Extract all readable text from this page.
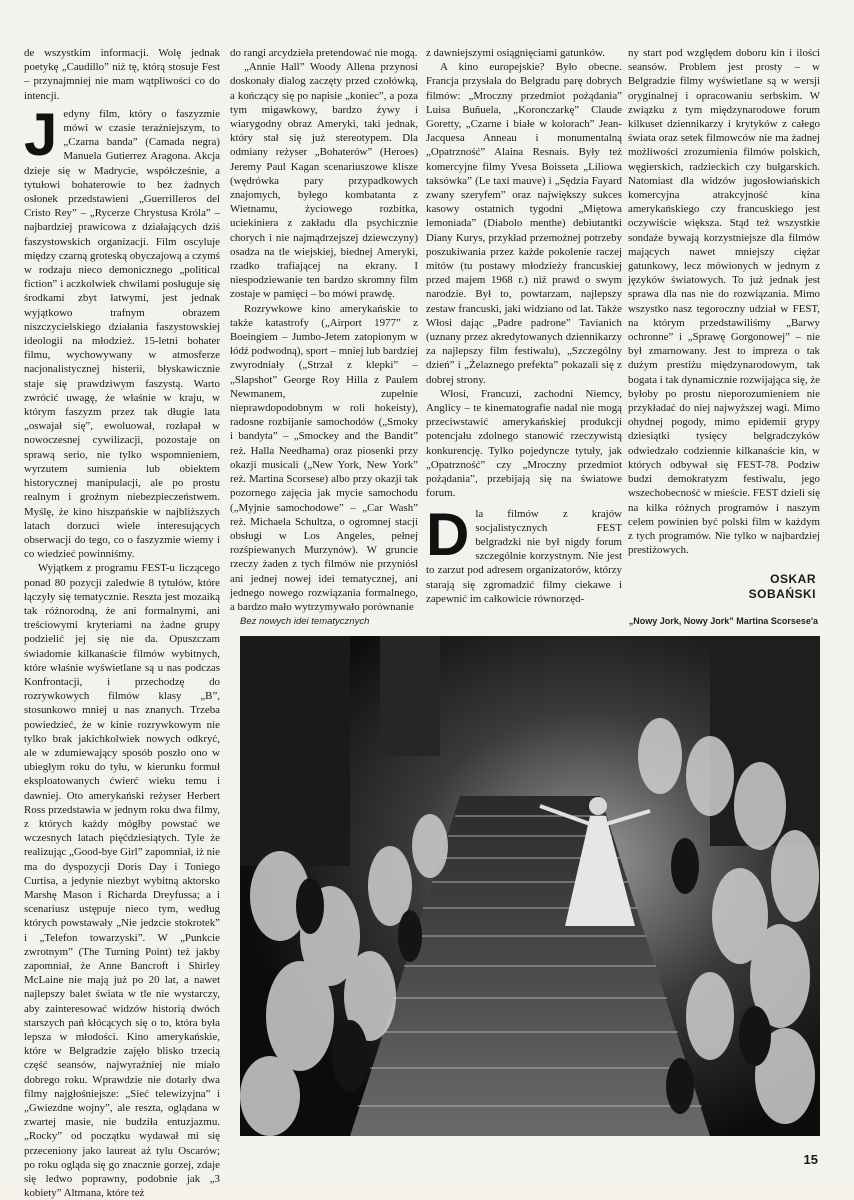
de wszystkim informacji. Wolę jednak poetykę „Caudillo” niż tę, którą stosuje Fest – przynajmniej nie mam wątpliwości co do intencji.

Jedyny film, który o faszyzmie mówi w czasie teraźniejszym, to „Czarna banda” (Camada negra) Manuela Gutierrez Aragona. Akcja dzieje się w Madrycie, współcześnie, a tytułowi bohaterowie to bez żadnych osłonek przedstawieni „Guerrilleros del Cristo Rey” – „Rycerze Chrystusa Króla” – najbardziej prawicowa z działających dziś faszystowskich organizacji. Film oscyluje między czarną groteską obyczajową a czymś w rodzaju nieco demonicznego „political fiction” i aczkolwiek chwilami posługuje się środkami zbyt łatwymi, jest jednak wyjątkowo trafnym obrazem niszczycielskiego działania faszystowskiej ideologii na młodzież. 15-letni bohater filmu, wychowywany w atmosferze nacjonalistycznej histerii, błyskawicznie staje się prawdziwym faszystą. Warto zwrócić uwagę, że właśnie w kraju, w którym faszyzm przez tak długie lata „oswajał się”, ewoluował, rozłapał w nowoczesnej cywilizacji, pozostaje on sprawą serio, nie tylko wspomnieniem, wyrzutem sumienia lub obiektem historycznej manipulacji, ale po prostu realnym i groźnym niebezpieczeństwem. Myślę, że kino hiszpańskie w najbliższych latach dorzuci wiele interesujących obserwacji do tego, co o faszyzmie wiemy i co wiedzieć powinniśmy.

Wyjątkem z programu FEST-u liczącego ponad 80 pozycji zaledwie 8 tytułów, które łączyły się tematycznie. Reszta jest mozaiką tak różnorodną, że ani formalnymi, ani treściowymi kryteriami na żadne grupy podzielić jej się nie da. Opuszczam świadomie kilkanaście filmów wybitnych, które właśnie wyświetlane są u nas podczas Konfrontacji, i przechodzę do rozrywkowych filmów klasy „B”, stosunkowo mniej u nas znanych. Trzeba powiedzieć, że w kinie rozrywkowym nie tylko brak jakichkolwiek nowych odkryć, ale w zdumiewający sposób poszło ono w ubiegłym roku do tyłu, w kierunku formuł eksploatowanych ćwierć wieku temu i dawniej. Oto amerykański reżyser Herbert Ross przedstawia w jednym roku dwa filmy, z których każdy mógłby powstać we wczesnych latach pięćdziesiątych. Tyle że realizując „Good-bye Girl” zapomniał, iż nie ma do dyspozycji Doris Day i Toniego Curtisa, a jedynie niezbyt wybitną aktorsko Marshę Mason i Richarda Dreyfussa; a i scenariusz ustępuje nieco tym, według których powstawały „Nie jedzcie stokrotek” i „Telefon towarzyski”. W „Punkcie zwrotnym” (The Turning Point) też jakby zapomniał, że Anne Bancroft i Shirley McLaine nie mają już po 20 lat, a nawet najlepszy balet świata w tle nie wystarczy, aby zainteresować widzów historią dwóch starszych pań kłócących się o to, która była lepsza w młodości. Kino amerykańskie, które w Belgradzie zajęło blisko trzecią część seansów, najwyraźniej nie miało dobrego roku. Wprawdzie nie dotarły dwa filmy najgłośniejsze: „Sieć telewizyjna” i „Gwiezdne wojny”, ale reszta, oglądana w zwartej masie, nie budziła entuzjazmu. „Rocky” od początku wydawał mi się przeceniony jako laureat aż tylu Oscarów; po roku ogląda się go znacznie gorzej, zdaje się ledwo poprawny, podobnie jak „3 kobiety” Altmana, które też

do rangi arcydzieła pretendować nie mogą.

„Annie Hall” Woody Allena przynosi doskonały dialog zaczęty przed czołówką, a kończący się po napisie „koniec”, a poza tym migawkowy, bardzo żywy i wiarygodny obraz Ameryki, taki jednak, który stał się już stereotypem. Dla odmiany reżyser „Bohaterów” (Heroes) Jeremy Paul Kagan scenariuszowe klisze (wędrówka pary przypadkowych znajomych, byłego kombatanta z Wietnamu, życiowego rozbitka, uciekiniera z zakładu dla psychicznie chorych i nie najmądrzejszej dziewczyny) osadza na tle wiejskiej, biednej Ameryki, rzadko trafiającej na ekrany. I niespodziewanie ten bardzo skromny film zostaje w pamięci – bo mówi prawdę.

Rozrywkowe kino amerykańskie to także katastrofy („Airport 1977” z Boeingiem – Jumbo-Jetem zatopionym w łódź podwodną), sport – mniej lub bardziej zwyrodniały („Strzał z klepki” – „Slapshot” George Roy Hilla z Paulem Newmanem, zupełnie nieprawdopodobnym w roli hokeisty), radosne rozbijanie samochodów („Smoky i bandyta” – „Smockey and the Bandit” reż. Halla Needhama) oraz piosenki przy okazji musicali („New York, New York” reż. Martina Scorsese) albo przy okazji tak pozornego zajęcia jak mycie samochodu („Myjnie samochodowe” – „Car Wash” reż. Michaela Schultza, o ogromnej stacji obsługi w Los Angeles, pełnej rozśpiewanych Murzynów). W gruncie rzeczy żaden z tych filmów nie przyniósł ani jednej nowej idei tematycznej, ani jednego nowego rozwiązania formalnego, a bardzo mało wytrzymywało porównanie

z dawniejszymi osiągnięciami gatunków.

A kino europejskie? Było obecne. Francja przysłała do Belgradu parę dobrych filmów: „Mroczny przedmiot pożądania” Luisa Buñuela, „Koronczarkę” Claude Goretty, „Czarne i białe w kolorach” Jean-Jacquesa Anneau i monumentalną „Opatrzność” Alaina Resnais. Były też komercyjne filmy Yvesa Boisseta „Liliowa taksówka” (Le taxi mauve) i „Sędzia Fayard zwany szeryfem” oraz największy sukces kasowy ostatnich tygodni „Miętowa lemoniada” (Diabolo menthe) debiutantki Diany Kurys, przykład przemożnej potrzeby poszukiwania przez każde pokolenie raczej mitów (tu postawy młodzieży francuskiej przed majem 1968 r.) niż prawd o swym narodzie. Był to, powtarzam, najlepszy zestaw francuski, jaki widziano od lat. Także Włosi dając „Padre padrone” Tavianich (uznany przez akredytowanych dziennikarzy za najlepszy film festiwalu), „Szczególny dzień” i „Żelaznego prefekta” pokazali się z dobrej strony.

Włosi, Francuzi, zachodni Niemcy, Anglicy – te kinematografie nadal nie mogą przeciwstawić amerykańskiej produkcji potencjału zdolnego stanowić rzeczywistą konkurencję. Tylko pojedyncze tytuły, jak „Opatrzność” czy „Mroczny przedmiot pożądania”, przebijają się na światowe forum.

Dla filmów z krajów socjalistycznych FEST belgradzki nie był nigdy forum szczególnie korzystnym. Nie jest to zarzut pod adresem organizatorów, którzy starają się zgromadzić filmy ciekawe i zapewnić im całkowicie równorzęd-

ny start pod względem doboru kin i ilości seansów. Problem jest prosty – w Belgradzie filmy wyświetlane są w wersji oryginalnej i opracowaniu serbskim. W związku z tym międzynarodowe forum kilkuset dziennikarzy i krytyków z całego świata oraz setek filmowców nie ma żadnej możliwości zrozumienia filmów polskich, węgierskich, radzieckich czy bułgarskich. Natomiast dla widzów jugosłowiańskich komercyjna atrakcyjność kina amerykańskiego czy francuskiego jest oczywiście większa. Stąd też wszystkie sondaże bywają korzystniejsze dla filmów mających nawet mniejszy ciężar gatunkowy, lecz mówionych w jednym z języków światowych. To już jednak jest sprawa dla nas nie do rozwiązania. Mimo wszystko nasz tegoroczny udział w FEST, na którym przedstawiliśmy „Barwy ochronne” i „Sprawę Gorgonowej” – nie był zmarnowany. Jest to impreza o tak dużym prestiżu międzynarodowym, tak bogata i tak dynamicznie rozwijająca się, że byłoby po prostu nieporozumieniem nie przykładać do niej najwyższej wagi. Mimo ohydnej pogody, mimo epidemii grypy dziesiątki tysięcy belgradczyków odwiedzało codziennie kilkanaście kin, w których odbywał się FEST-78. Podziw budzi demokratyzm festiwalu, jego wszechobecność w mieście. FEST dzieli się na kilka różnych programów i naszym celem powinien być polski film w każdym z tych programów. Nie tylko w najbardziej prestiżowych.

OSKAR
SOBAŃSKI
Bez nowych idei tematycznych	„Nowy Jork, Nowy Jork” Martina Scorsese'a
15
